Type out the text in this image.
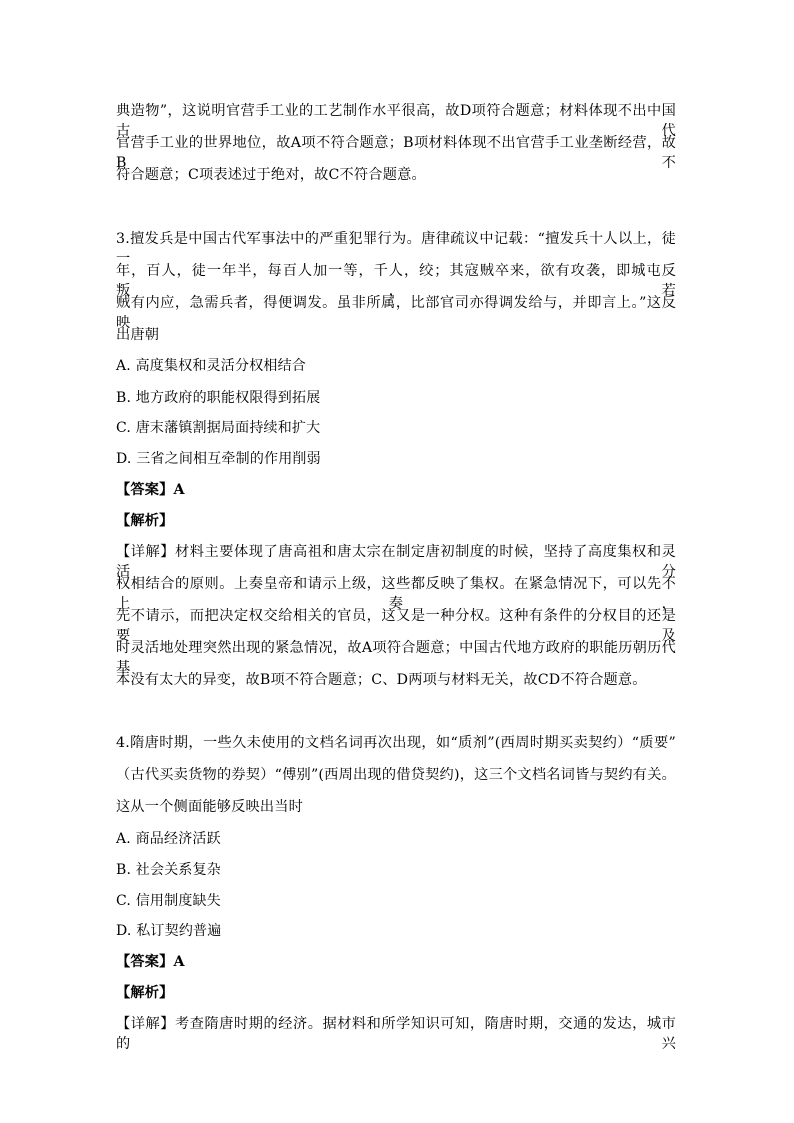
典造物”，这说明官营手工业的工艺制作水平很高，故D项符合题意；材料体现不出中国古代
官营手工业的世界地位，故A项不符合题意；B项材料体现不出官营手工业垄断经营，故B不
符合题意；C项表述过于绝对，故C不符合题意。
3.擅发兵是中国古代军事法中的严重犯罪行为。唐律疏议中记载：“擅发兵十人以上，徒一
年，百人，徒一年半，每百人加一等，千人，绞；其寇贼卒来，欲有攻袭，即城屯反叛，若
贼有内应，急需兵者，得便调发。虽非所属，比部官司亦得调发给与，并即言上。”这反映
出唐朝
A. 高度集权和灵活分权相结合
B. 地方政府的职能权限得到拓展
C. 唐末藩镇割据局面持续和扩大
D. 三省之间相互牵制的作用削弱
【答案】A
【解析】
【详解】材料主要体现了唐高祖和唐太宗在制定唐初制度的时候，坚持了高度集权和灵活分
权相结合的原则。上奏皇帝和请示上级，这些都反映了集权。在紧急情况下，可以先不上奏，
先不请示，而把决定权交给相关的官员，这又是一种分权。这种有条件的分权目的还是要及
时灵活地处理突然出现的紧急情况，故A项符合题意；中国古代地方政府的职能历朝历代基
本没有太大的异变，故B项不符合题意；C、D两项与材料无关，故CD不符合题意。
4.隋唐时期，一些久未使用的文档名词再次出现，如“质剂”(西周时期买卖契约）“质要”
（古代买卖货物的券契）“傅别”(西周出现的借贷契约)，这三个文档名词皆与契约有关。
这从一个侧面能够反映出当时
A. 商品经济活跃
B. 社会关系复杂
C. 信用制度缺失
D. 私订契约普遍
【答案】A
【解析】
【详解】考查隋唐时期的经济。据材料和所学知识可知，隋唐时期，交通的发达，城市的兴
